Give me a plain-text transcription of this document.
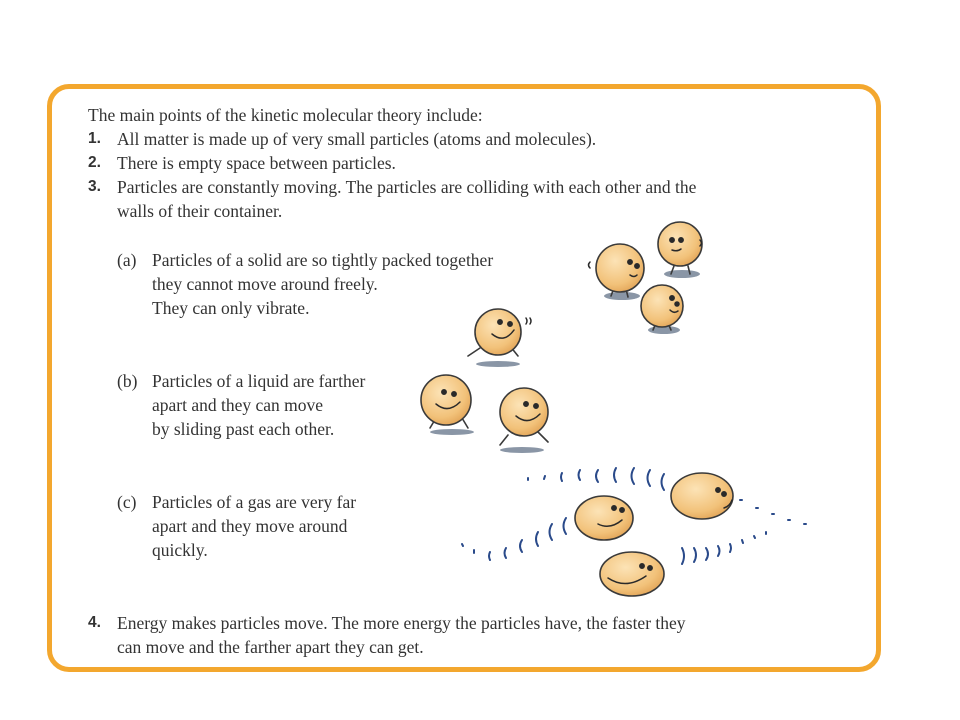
The main points of the kinetic molecular theory include:
1. All matter is made up of very small particles (atoms and molecules).
2. There is empty space between particles.
3. Particles are constantly moving. The particles are colliding with each other and the
walls of their container.
(a) Particles of a solid are so tightly packed together
they cannot move around freely.
They can only vibrate.
(b) Particles of a liquid are farther
apart and they can move
by sliding past each other.
(c) Particles of a gas are very far
apart and they move around
quickly.
4. Energy makes particles move. The more energy the particles have, the faster they
can move and the farther apart they can get.
